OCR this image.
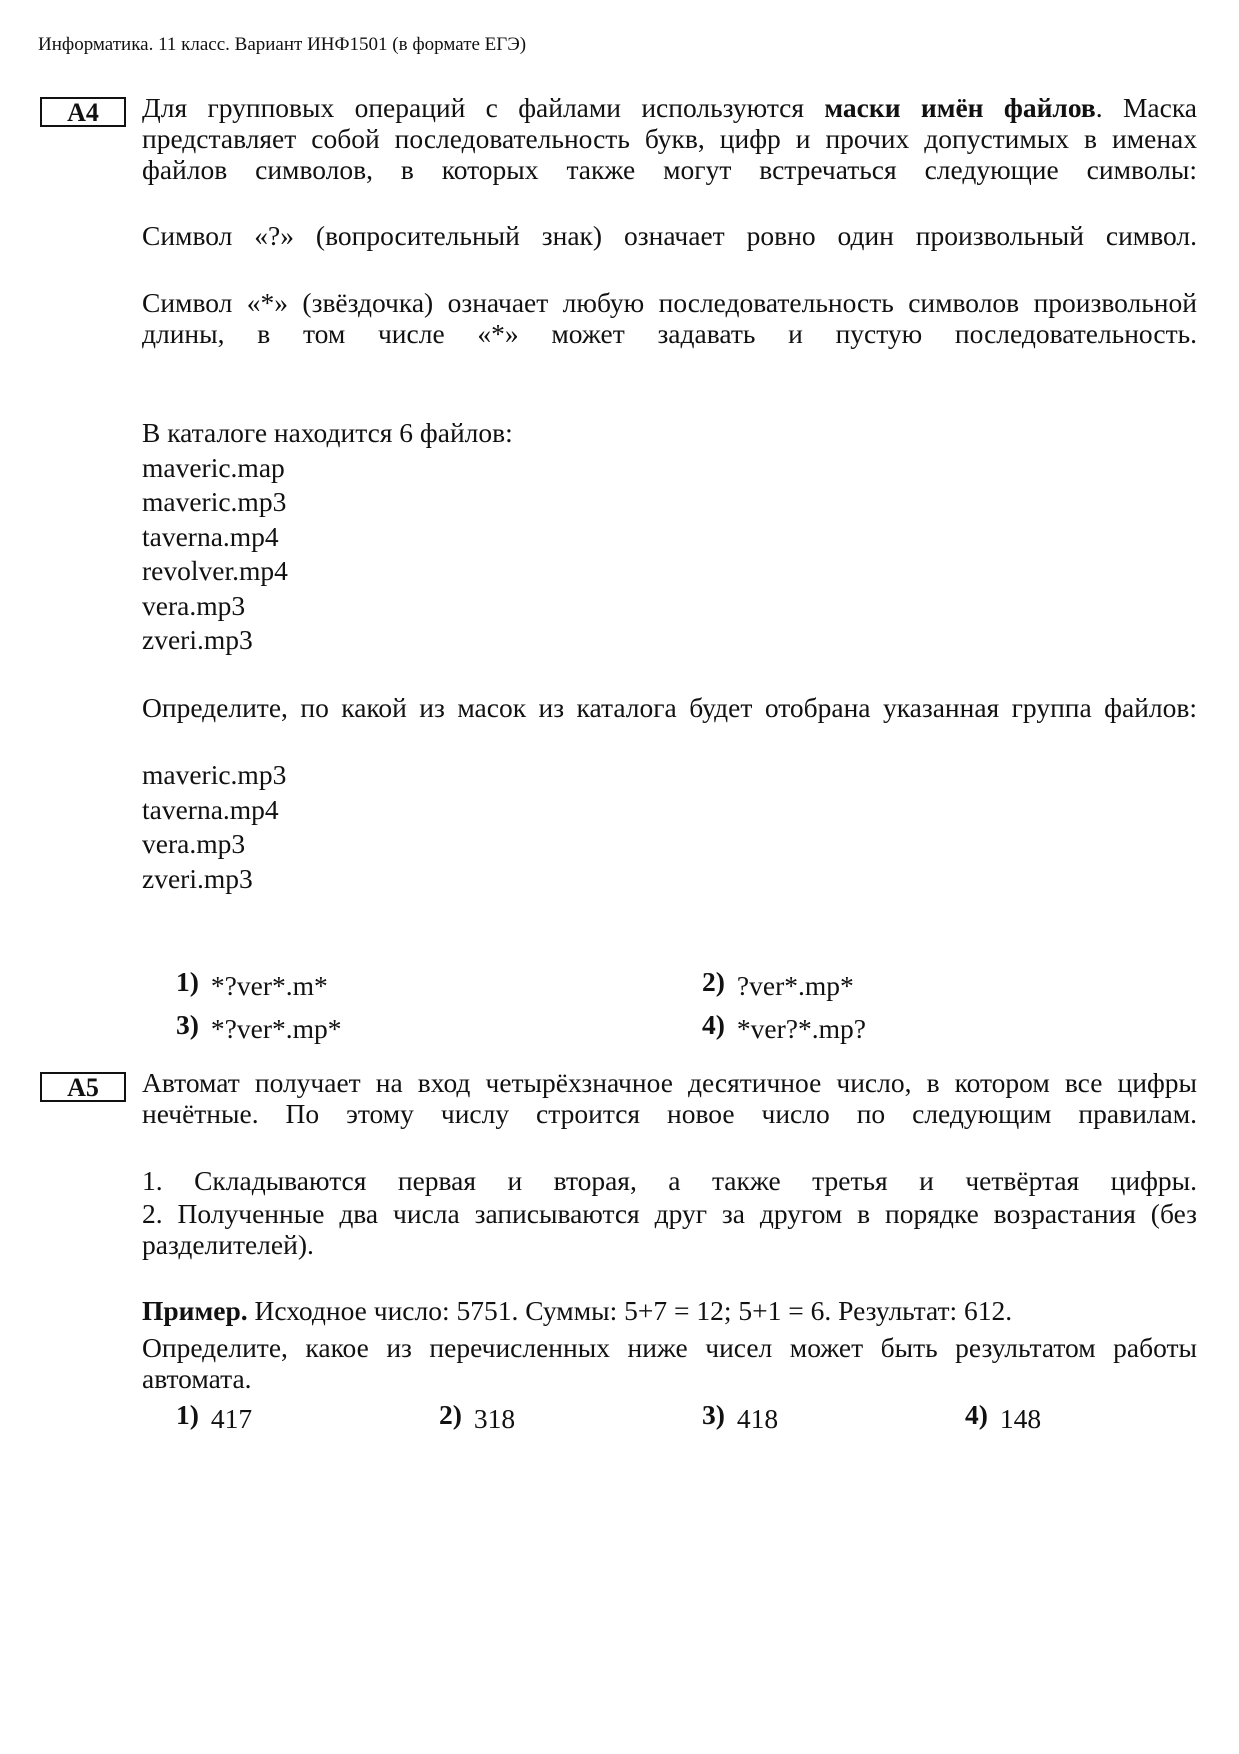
Информатика. 11 класс. Вариант ИНФ1501 (в формате ЕГЭ)
A4	Для групповых операций с файлами используются маски имён файлов. Маска представляет собой последовательность букв, цифр и прочих допустимых в именах файлов символов, в которых также могут встречаться следующие символы:
Символ «?» (вопросительный знак) означает ровно один произвольный символ.
Символ «*» (звёздочка) означает любую последовательность символов произвольной длины, в том числе «*» может задавать и пустую последовательность.
В каталоге находится 6 файлов:
maveric.map
maveric.mp3
taverna.mp4
revolver.mp4
vera.mp3
zveri.mp3
Определите, по какой из масок из каталога будет отобрана указанная группа файлов:
maveric.mp3
taverna.mp4
vera.mp3
zveri.mp3
1) *?ver*.m*	2) ?ver*.mp*
3) *?ver*.mp*	4) *ver?*.mp?
A5	Автомат получает на вход четырёхзначное десятичное число, в котором все цифры нечётные. По этому числу строится новое число по следующим правилам.
1. Складываются первая и вторая, а также третья и четвёртая цифры.
2. Полученные два числа записываются друг за другом в порядке возрастания (без разделителей).
Пример. Исходное число: 5751. Суммы: 5+7 = 12; 5+1 = 6. Результат: 612.
Определите, какое из перечисленных ниже чисел может быть результатом работы автомата.
1) 417	2) 318	3) 418	4) 148
